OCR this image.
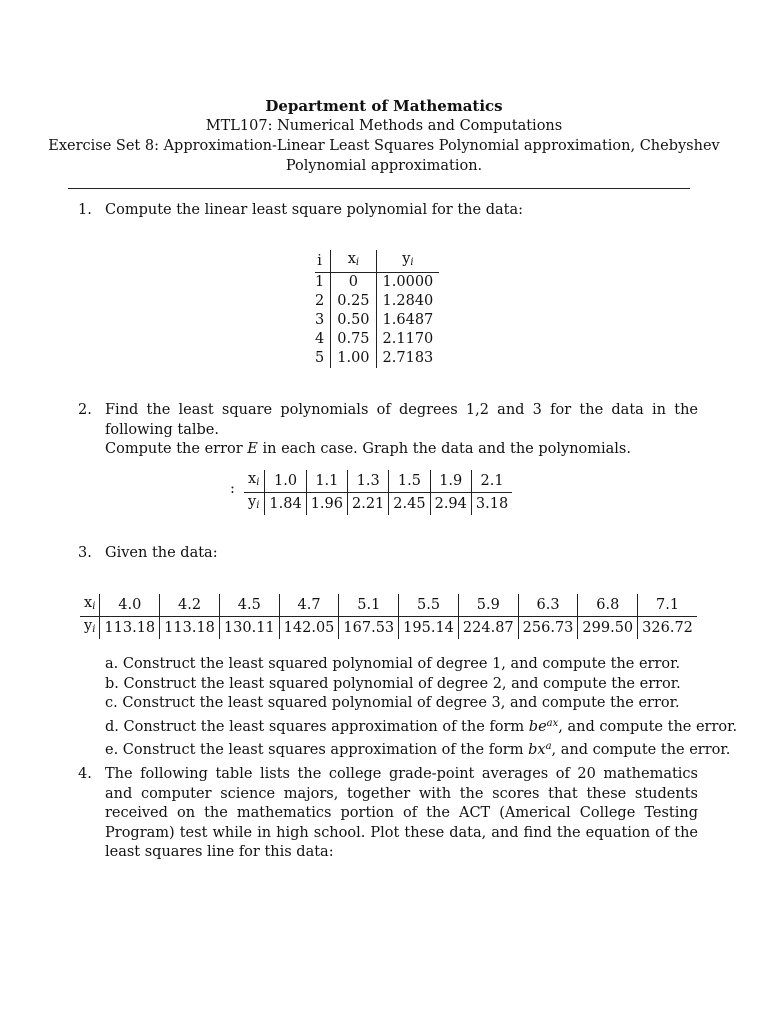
Department of Mathematics
MTL107: Numerical Methods and Computations
Exercise Set 8: Approximation-Linear Least Squares Polynomial approximation, Chebyshev
Polynomial approximation.
1. Compute the linear least square polynomial for the data:
i	$x_i$	$y_i$
1	0	1.0000
2	0.25	1.2840
3	0.50	1.6487
4	0.75	2.1170
5	1.00	2.7183
2. Find the least square polynomials of degrees 1,2 and 3 for the data in the following talbe.
Compute the error E in each case. Graph the data and the polynomials.
:
$x_i$	1.0	1.1	1.3	1.5	1.9	2.1
$y_i$	1.84	1.96	2.21	2.45	2.94	3.18
3. Given the data:
$x_i$	4.0	4.2	4.5	4.7	5.1	5.5	5.9	6.3	6.8	7.1
$y_i$	113.18	113.18	130.11	142.05	167.53	195.14	224.87	256.73	299.50	326.72
a. Construct the least squared polynomial of degree 1, and compute the error.
b. Construct the least squared polynomial of degree 2, and compute the error.
c. Construct the least squared polynomial of degree 3, and compute the error.
d. Construct the least squares approximation of the form $be^{ax}$, and compute the error.
e. Construct the least squares approximation of the form $bx^a$, and compute the error.
4. The following table lists the college grade-point averages of 20 mathematics and computer science majors, together with the scores that these students received on the mathematics portion of the ACT (Americal College Testing Program) test while in high school. Plot these data, and find the equation of the least squares line for this data:
